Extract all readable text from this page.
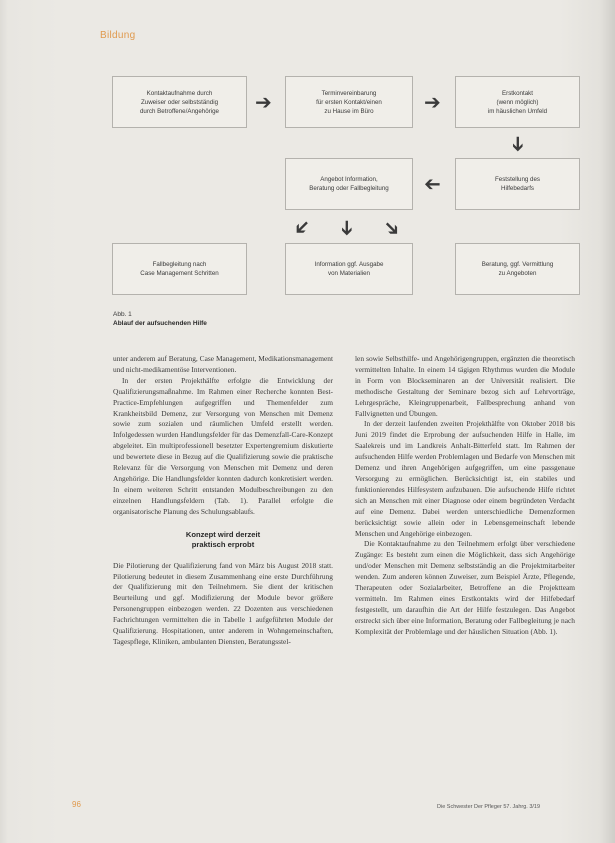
Bildung
Kontaktaufnahme durch
Zuweiser oder selbstständig
durch Betroffene/Angehörige
Terminvereinbarung
für ersten Kontakt/einen
zu Hause im Büro
Erstkontakt
(wenn möglich)
im häuslichen Umfeld
Angebot Information,
Beratung oder Fallbegleitung
Feststellung des
Hilfebedarfs
Fallbegleitung nach
Case Management Schritten
Information ggf. Ausgabe
von Materialien
Beratung, ggf. Vermittlung
zu Angeboten
➔	➔
➔
➔
➔ ➔ ➔
Abb. 1
Ablauf der aufsuchenden Hilfe

unter anderem auf Beratung, Case Management, Medikationsmanagement und nicht-medikamentöse Interventionen.

In der ersten Projekthälfte erfolgte die Entwicklung der Qualifizierungsmaßnahme. Im Rahmen einer Recherche konnten Best-Practice-Empfehlungen aufgegriffen und Themenfelder zum Krankheitsbild Demenz, zur Versorgung von Menschen mit Demenz sowie zum sozialen und räumlichen Umfeld erstellt werden. Infolgedessen wurden Handlungsfelder für das Demenzfall-Care-Konzept abgeleitet. Ein multiprofessionell besetzter Expertengremium diskutierte und bewertete diese in Bezug auf die Qualifizierung sowie die praktische Relevanz für die Versorgung von Menschen mit Demenz und deren Angehörige. Die Handlungsfelder konnten dadurch konkretisiert werden. In einem weiteren Schritt entstanden Modulbeschreibungen zu den einzelnen Handlungsfeldern (Tab. 1). Parallel erfolgte die organisatorische Planung des Schulungsablaufs.

Konzept wird derzeit
praktisch erprobt

Die Pilotierung der Qualifizierung fand von März bis August 2018 statt. Pilotierung bedeutet in diesem Zusammenhang eine erste Durchführung der Qualifizierung mit den Teilnehmern. Sie dient der kritischen Beurteilung und ggf. Modifizierung der Module bevor größere Personengruppen einbezogen werden. 22 Dozenten aus verschiedenen Fachrichtungen vermittelten die in Tabelle 1 aufgeführten Module der Qualifizierung. Hospitationen, unter anderem in Wohngemeinschaften, Tagespflege, Kliniken, ambulanten Diensten, Beratungsstel-

len sowie Selbsthilfe- und Angehörigengruppen, ergänzten die theoretisch vermittelten Inhalte. In einem 14 tägigen Rhythmus wurden die Module in Form von Blockseminaren an der Universität realisiert. Die methodische Gestaltung der Seminare bezog sich auf Lehrvorträge, Lehrgespräche, Kleingruppenarbeit, Fallbesprechung anhand von Fallvignetten und Übungen.

In der derzeit laufenden zweiten Projekthälfte von Oktober 2018 bis Juni 2019 findet die Erprobung der aufsuchenden Hilfe in Halle, im Saalekreis und im Landkreis Anhalt-Bitterfeld statt. Im Rahmen der aufsuchenden Hilfe werden Problemlagen und Bedarfe von Menschen mit Demenz und ihren Angehörigen aufgegriffen, um eine passgenaue Versorgung zu ermöglichen. Berücksichtigt ist, ein stabiles und funktionierendes Hilfesystem aufzubauen. Die aufsuchende Hilfe richtet sich an Menschen mit einer Diagnose oder einem begründeten Verdacht auf eine Demenz. Dabei werden unterschiedliche Demenzformen berücksichtigt sowie allein oder in Lebensgemeinschaft lebende Menschen und Angehörige einbezogen.

Die Kontaktaufnahme zu den Teilnehmern erfolgt über verschiedene Zugänge: Es besteht zum einen die Möglichkeit, dass sich Angehörige und/oder Menschen mit Demenz selbstständig an die Projektmitarbeiter wenden. Zum anderen können Zuweiser, zum Beispiel Ärzte, Pflegende, Therapeuten oder Sozialarbeiter, Betroffene an die Projektteam vermitteln. Im Rahmen eines Erstkontakts wird der Hilfebedarf festgestellt, um daraufhin die Art der Hilfe festzulegen. Das Angebot erstreckt sich über eine Information, Beratung oder Fallbegleitung je nach Komplexität der Problemlage und der häuslichen Situation (Abb. 1).

96	Die Schwester Der Pfleger 57. Jahrg. 3/19
